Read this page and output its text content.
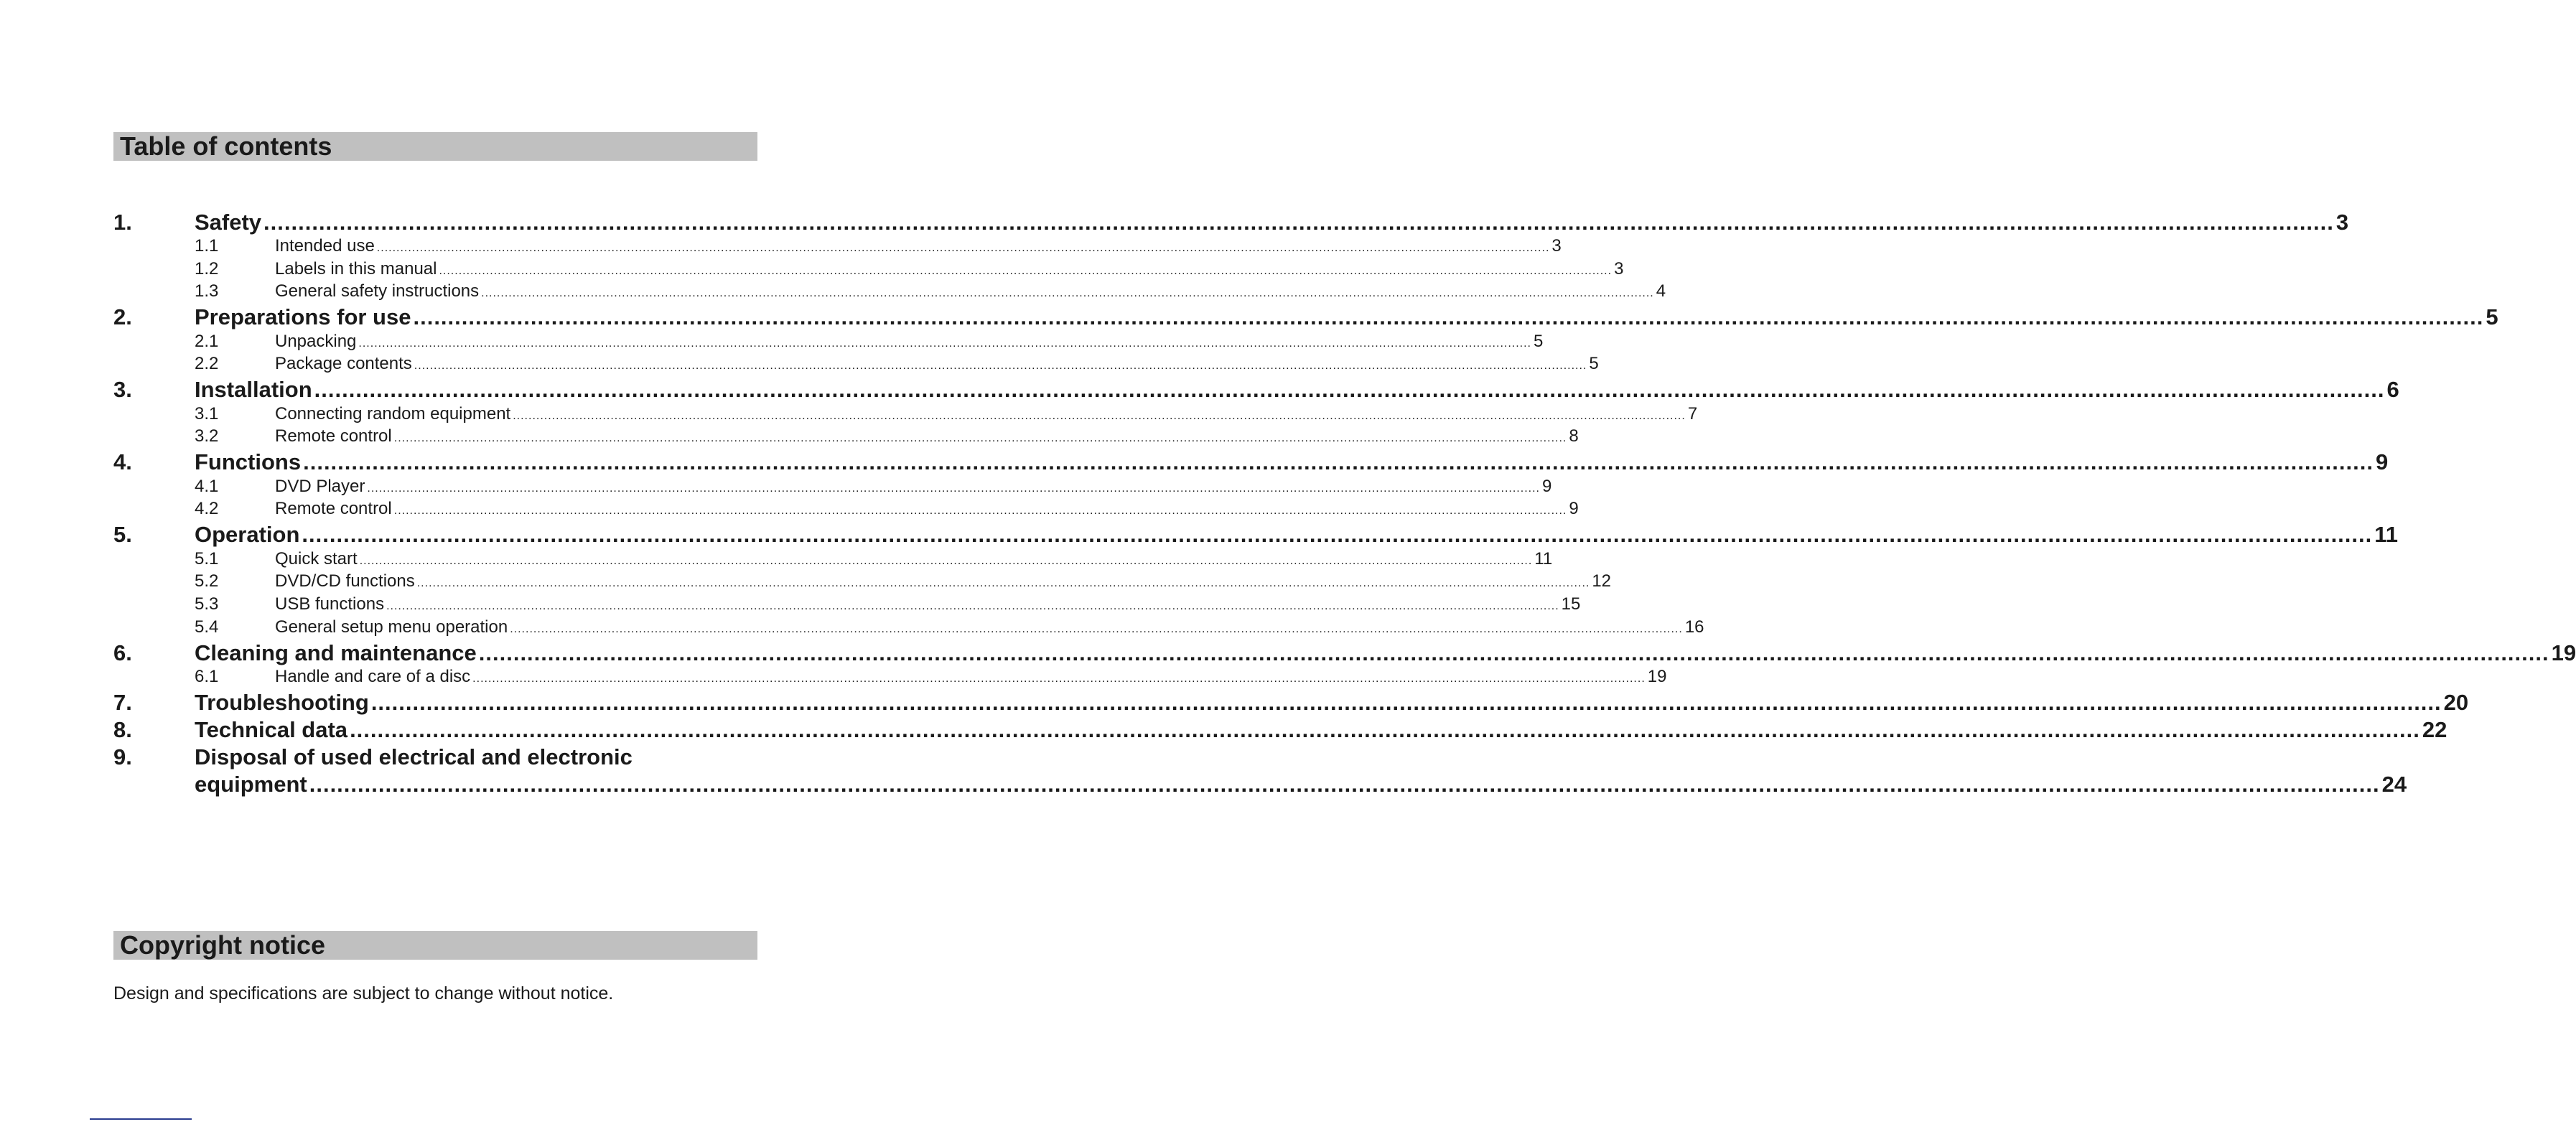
Table of contents
1.	Safety ............................................................................................................................................................................................................................................................................................................ 3
1.1	Intended use ............................................................................................................................................................................................................................................................................................................ 3
1.2	Labels in this manual ............................................................................................................................................................................................................................................................................................................ 3
1.3	General safety instructions ............................................................................................................................................................................................................................................................................................................ 4
2.	Preparations for use ............................................................................................................................................................................................................................................................................................................ 5
2.1	Unpacking ............................................................................................................................................................................................................................................................................................................ 5
2.2	Package contents ............................................................................................................................................................................................................................................................................................................ 5
3.	Installation ............................................................................................................................................................................................................................................................................................................ 6
3.1	Connecting random equipment ............................................................................................................................................................................................................................................................................................................ 7
3.2	Remote control ............................................................................................................................................................................................................................................................................................................ 8
4.	Functions ............................................................................................................................................................................................................................................................................................................ 9
4.1	DVD Player ............................................................................................................................................................................................................................................................................................................ 9
4.2	Remote control ............................................................................................................................................................................................................................................................................................................ 9
5.	Operation ............................................................................................................................................................................................................................................................................................................ 11
5.1	Quick start ............................................................................................................................................................................................................................................................................................................ 11
5.2	DVD/CD functions ............................................................................................................................................................................................................................................................................................................ 12
5.3	USB functions ............................................................................................................................................................................................................................................................................................................ 15
5.4	General setup menu operation ............................................................................................................................................................................................................................................................................................................ 16
6.	Cleaning and maintenance ............................................................................................................................................................................................................................................................................................................ 19
6.1	Handle and care of a disc ............................................................................................................................................................................................................................................................................................................ 19
7.	Troubleshooting ............................................................................................................................................................................................................................................................................................................ 20
8.	Technical data ............................................................................................................................................................................................................................................................................................................ 22
9.	Disposal of used electrical and electronic
equipment ............................................................................................................................................................................................................................................................................................................ 24
Copyright notice
Design and specifications are subject to change without notice.
